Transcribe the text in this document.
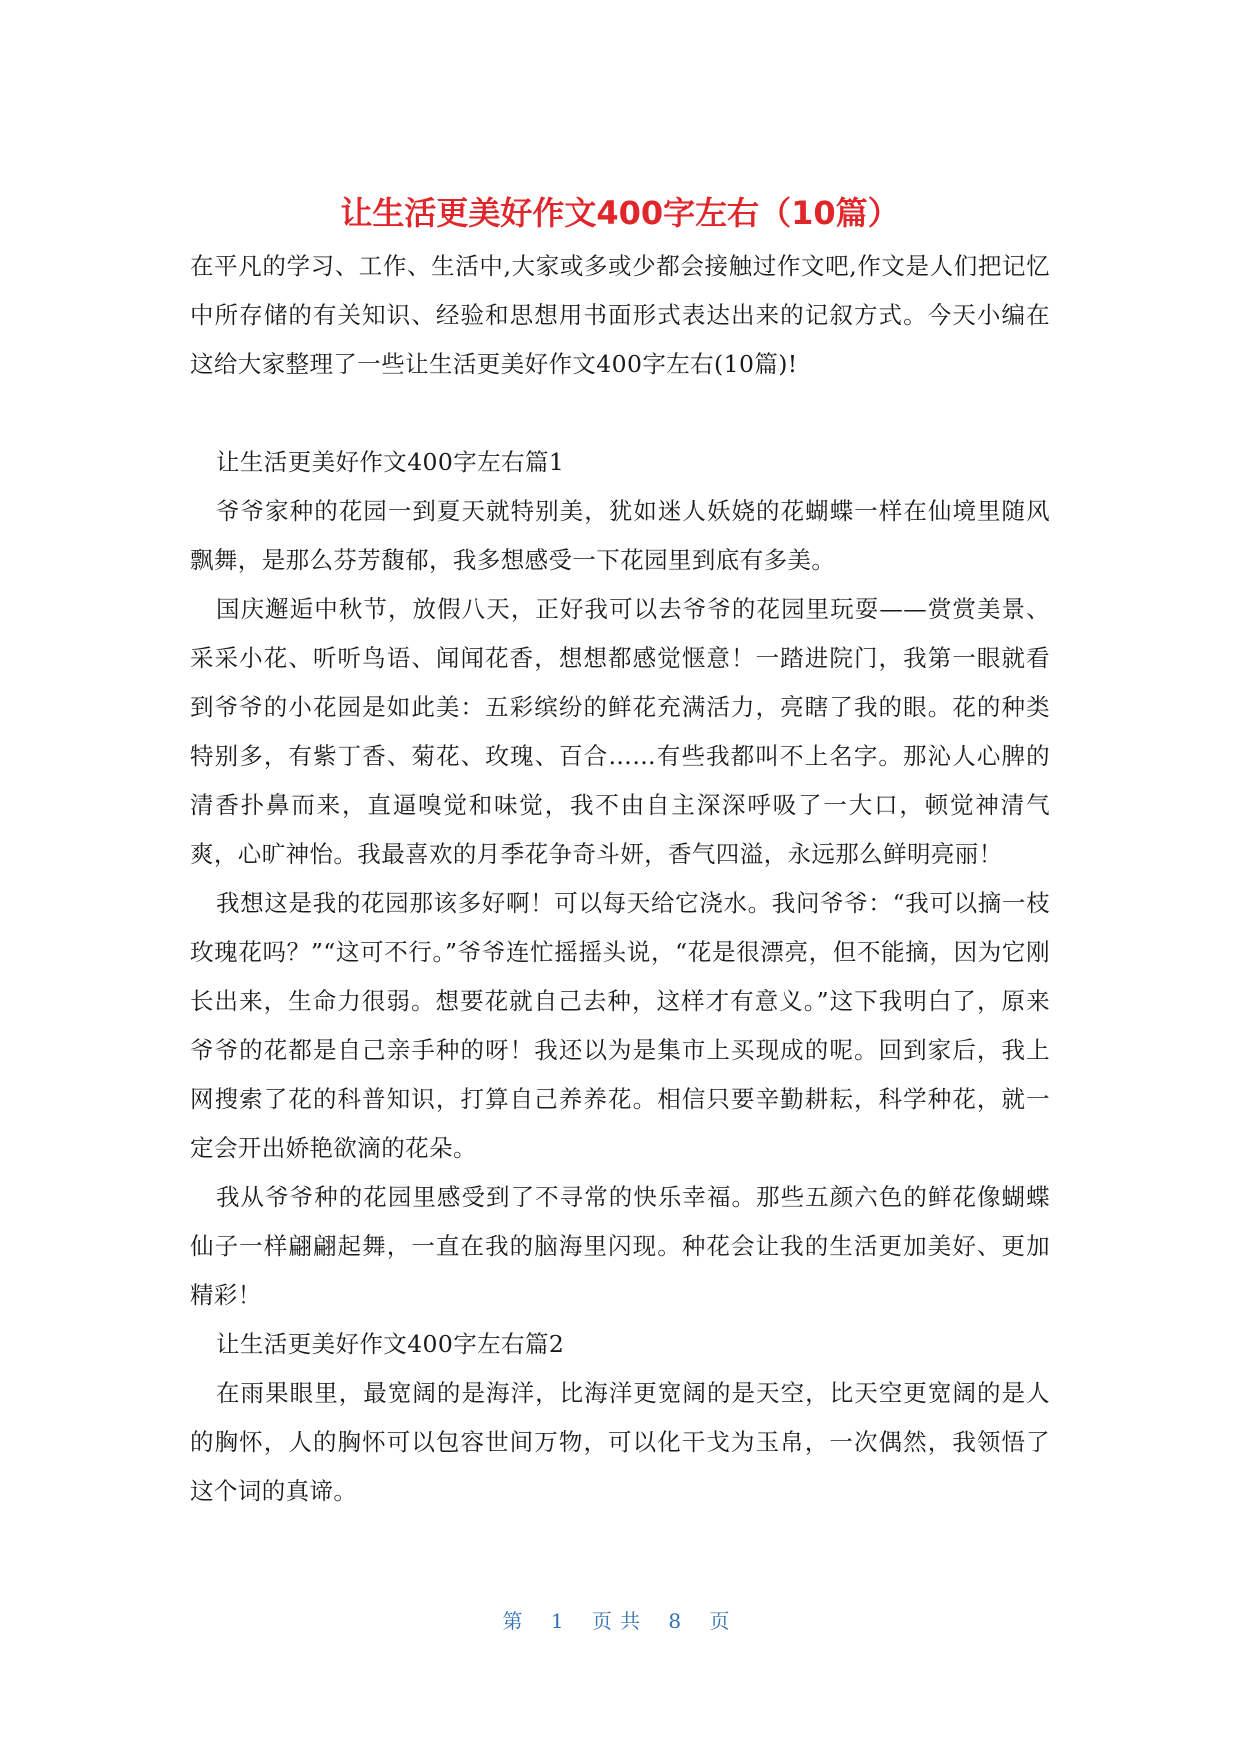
让生活更美好作文400字左右（10篇）

在平凡的学习、工作、生活中,大家或多或少都会接触过作文吧,作文是人们把记忆中所存储的有关知识、经验和思想用书面形式表达出来的记叙方式。今天小编在这给大家整理了一些让生活更美好作文400字左右(10篇)!

让生活更美好作文400字左右篇1

爷爷家种的花园一到夏天就特别美，犹如迷人妖娆的花蝴蝶一样在仙境里随风飘舞，是那么芬芳馥郁，我多想感受一下花园里到底有多美。

国庆邂逅中秋节，放假八天，正好我可以去爷爷的花园里玩耍——赏赏美景、采采小花、听听鸟语、闻闻花香，想想都感觉惬意！一踏进院门，我第一眼就看到爷爷的小花园是如此美：五彩缤纷的鲜花充满活力，亮瞎了我的眼。花的种类特别多，有紫丁香、菊花、玫瑰、百合……有些我都叫不上名字。那沁人心脾的清香扑鼻而来，直逼嗅觉和味觉，我不由自主深深呼吸了一大口，顿觉神清气爽，心旷神怡。我最喜欢的月季花争奇斗妍，香气四溢，永远那么鲜明亮丽！

我想这是我的花园那该多好啊！可以每天给它浇水。我问爷爷：“我可以摘一枝玫瑰花吗？”“这可不行。”爷爷连忙摇摇头说，“花是很漂亮，但不能摘，因为它刚长出来，生命力很弱。想要花就自己去种，这样才有意义。”这下我明白了，原来爷爷的花都是自己亲手种的呀！我还以为是集市上买现成的呢。回到家后，我上网搜索了花的科普知识，打算自己养养花。相信只要辛勤耕耘，科学种花，就一定会开出娇艳欲滴的花朵。

我从爷爷种的花园里感受到了不寻常的快乐幸福。那些五颜六色的鲜花像蝴蝶仙子一样翩翩起舞，一直在我的脑海里闪现。种花会让我的生活更加美好、更加精彩！

让生活更美好作文400字左右篇2

在雨果眼里，最宽阔的是海洋，比海洋更宽阔的是天空，比天空更宽阔的是人的胸怀，人的胸怀可以包容世间万物，可以化干戈为玉帛，一次偶然，我领悟了这个词的真谛。

第 1 页共 8 页
